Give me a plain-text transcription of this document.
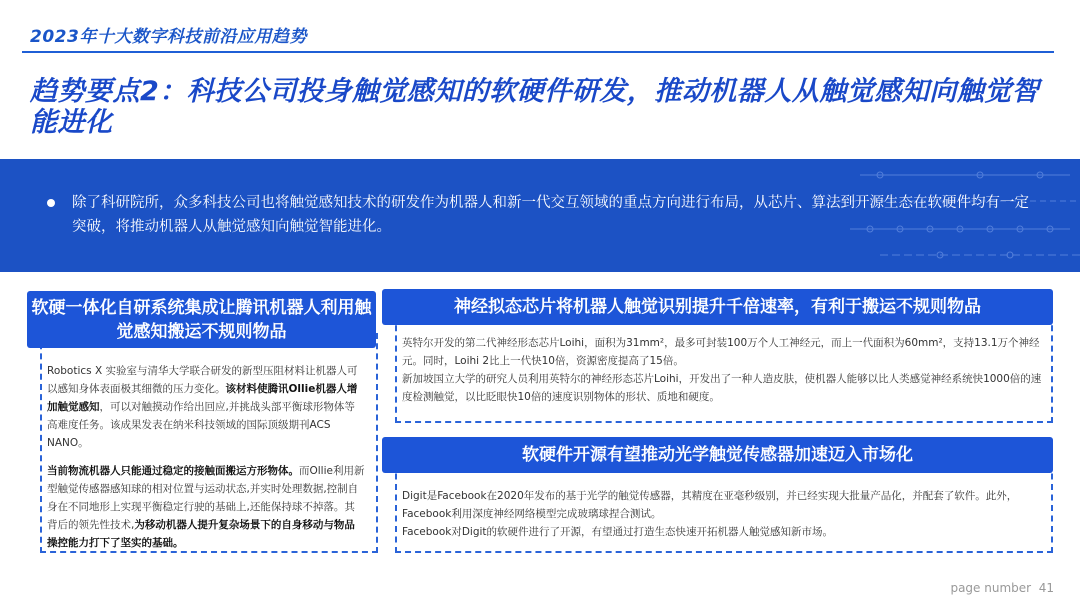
2023年十大数字科技前沿应用趋势
趋势要点2：科技公司投身触觉感知的软硬件研发，推动机器人从触觉感知向触觉智能进化
除了科研院所，众多科技公司也将触觉感知技术的研发作为机器人和新一代交互领域的重点方向进行布局，从芯片、算法到开源生态在软硬件均有一定突破，将推动机器人从触觉感知向触觉智能进化。
软硬一体化自研系统集成让腾讯机器人利用触觉感知搬运不规则物品

Robotics X 实验室与清华大学联合研发的新型压阻材料让机器人可以感知身体表面极其细微的压力变化。该材料使腾讯Ollie机器人增加触觉感知，可以对触摸动作给出回应,并挑战头部平衡球形物体等高难度任务。该成果发表在纳米科技领域的国际顶级期刊ACS NANO。

当前物流机器人只能通过稳定的接触面搬运方形物体。而Ollie利用新型触觉传感器感知球的相对位置与运动状态,并实时处理数据,控制自身在不同地形上实现平衡稳定行驶的基础上,还能保持球不掉落。其背后的领先性技术,为移动机器人提升复杂场景下的自身移动与物品操控能力打下了坚实的基础。

神经拟态芯片将机器人触觉识别提升千倍速率，有利于搬运不规则物品
英特尔开发的第二代神经形态芯片Loihi，面积为31mm²，最多可封装100万个人工神经元，而上一代面积为60mm²，支持13.1万个神经元。同时，Loihi 2比上一代快10倍，资源密度提高了15倍。
新加坡国立大学的研究人员利用英特尔的神经形态芯片Loihi，开发出了一种人造皮肤，使机器人能够以比人类感觉神经系统快1000倍的速度检测触觉，以比眨眼快10倍的速度识别物体的形状、质地和硬度。
软硬件开源有望推动光学触觉传感器加速迈入市场化
Digit是Facebook在2020年发布的基于光学的触觉传感器，其精度在亚毫秒级别，并已经实现大批量产品化，并配套了软件。此外，Facebook利用深度神经网络模型完成玻璃球捏合测试。
Facebook对Digit的软硬件进行了开源，有望通过打造生态快速开拓机器人触觉感知新市场。
page number 41
